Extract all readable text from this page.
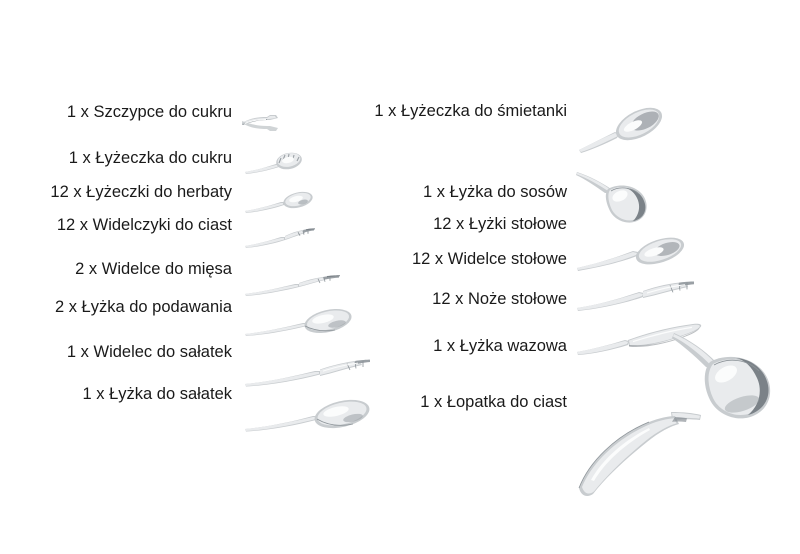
1 x Szczypce do cukru
1 x Łyżeczka do cukru
12 x Łyżeczki do herbaty
12 x Widelczyki do ciast
2 x Widelce do mięsa
2 x Łyżka do podawania
1 x Widelec do sałatek
1 x Łyżka do sałatek
1 x Łyżeczka do śmietanki
1 x Łyżka do sosów
12 x Łyżki stołowe
12 x Widelce stołowe
12 x Noże stołowe
1 x Łyżka wazowa
1 x Łopatka do ciast
